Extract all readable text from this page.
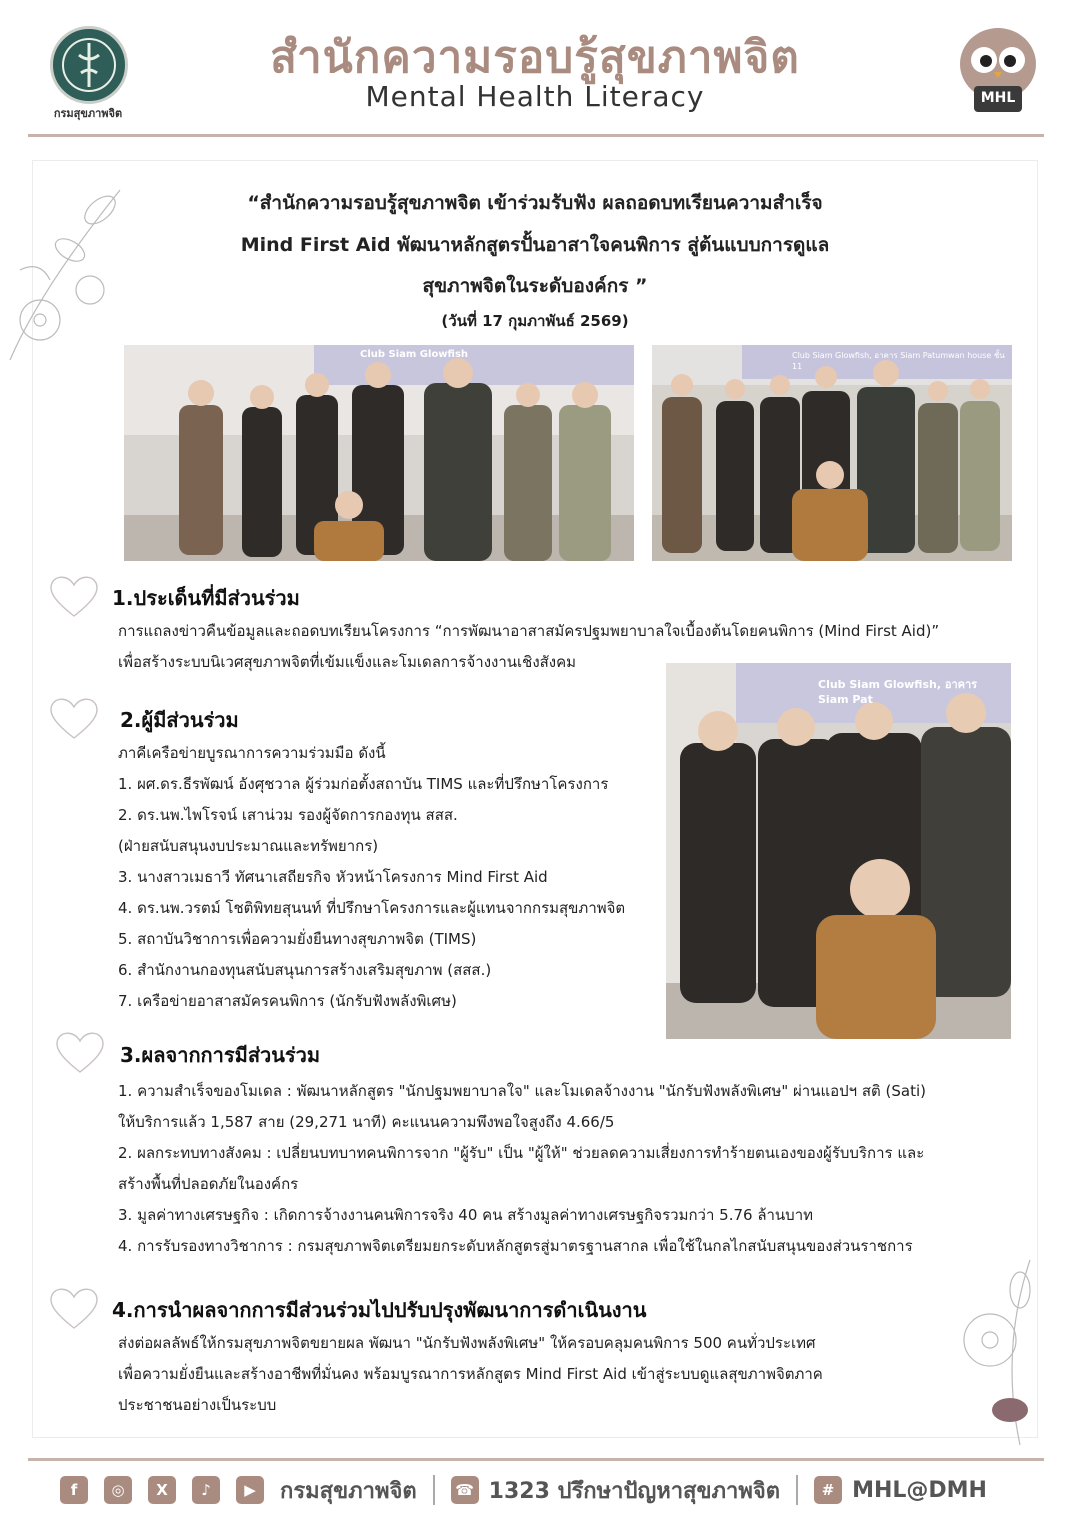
กรมสุขภาพจิต
สำนักความรอบรู้สุขภาพจิต
Mental Health Literacy	MHL
“สำนักความรอบรู้สุขภาพจิต เข้าร่วมรับฟัง ผลถอดบทเรียนความสำเร็จ
Mind First Aid พัฒนาหลักสูตรปั้นอาสาใจคนพิการ สู่ต้นแบบการดูแล
สุขภาพจิตในระดับองค์กร ”
(วันที่ 17 กุมภาพันธ์ 2569)
Club Siam Glowfish	Club Siam Glowfish, อาคาร Siam Patumwan house ชั้น 11
Club Siam Glowfish, อาคาร Siam Pat
1.ประเด็นที่มีส่วนร่วม
การแถลงข่าวคืนข้อมูลและถอดบทเรียนโครงการ “การพัฒนาอาสาสมัครปฐมพยาบาลใจเบื้องต้นโดยคนพิการ (Mind First Aid)”
เพื่อสร้างระบบนิเวศสุขภาพจิตที่เข้มแข็งและโมเดลการจ้างงานเชิงสังคม
2.ผู้มีส่วนร่วม
ภาคีเครือข่ายบูรณาการความร่วมมือ ดังนี้
1. ผศ.ดร.ธีรพัฒน์ อังศุชวาล ผู้ร่วมก่อตั้งสถาบัน TIMS และที่ปรึกษาโครงการ
2. ดร.นพ.ไพโรจน์ เสาน่วม รองผู้จัดการกองทุน สสส.
(ฝ่ายสนับสนุนงบประมาณและทรัพยากร)
3. นางสาวเมธาวี ทัศนาเสถียรกิจ หัวหน้าโครงการ Mind First Aid
4. ดร.นพ.วรตม์ โชติพิทยสุนนท์ ที่ปรึกษาโครงการและผู้แทนจากกรมสุขภาพจิต
5. สถาบันวิชาการเพื่อความยั่งยืนทางสุขภาพจิต (TIMS)
6. สำนักงานกองทุนสนับสนุนการสร้างเสริมสุขภาพ (สสส.)
7. เครือข่ายอาสาสมัครคนพิการ (นักรับฟังพลังพิเศษ)
3.ผลจากการมีส่วนร่วม
1. ความสำเร็จของโมเดล : พัฒนาหลักสูตร "นักปฐมพยาบาลใจ" และโมเดลจ้างงาน "นักรับฟังพลังพิเศษ" ผ่านแอปฯ สติ (Sati)
ให้บริการแล้ว 1,587 สาย (29,271 นาที) คะแนนความพึงพอใจสูงถึง 4.66/5
2. ผลกระทบทางสังคม : เปลี่ยนบทบาทคนพิการจาก "ผู้รับ" เป็น "ผู้ให้" ช่วยลดความเสี่ยงการทำร้ายตนเองของผู้รับบริการ และ
สร้างพื้นที่ปลอดภัยในองค์กร
3. มูลค่าทางเศรษฐกิจ : เกิดการจ้างงานคนพิการจริง 40 คน สร้างมูลค่าทางเศรษฐกิจรวมกว่า 5.76 ล้านบาท
4. การรับรองทางวิชาการ : กรมสุขภาพจิตเตรียมยกระดับหลักสูตรสู่มาตรฐานสากล เพื่อใช้ในกลไกสนับสนุนของส่วนราชการ
4.การนำผลจากการมีส่วนร่วมไปปรับปรุงพัฒนาการดำเนินงาน
ส่งต่อผลลัพธ์ให้กรมสุขภาพจิตขยายผล พัฒนา "นักรับฟังพลังพิเศษ" ให้ครอบคลุมคนพิการ 500 คนทั่วประเทศ
เพื่อความยั่งยืนและสร้างอาชีพที่มั่นคง พร้อมบูรณาการหลักสูตร Mind First Aid เข้าสู่ระบบดูแลสุขภาพจิตภาค
ประชาชนอย่างเป็นระบบ
f	◎	X	♪	▶	กรมสุขภาพจิต	☎ 1323 ปรึกษาปัญหาสุขภาพจิต	# MHL@DMH
